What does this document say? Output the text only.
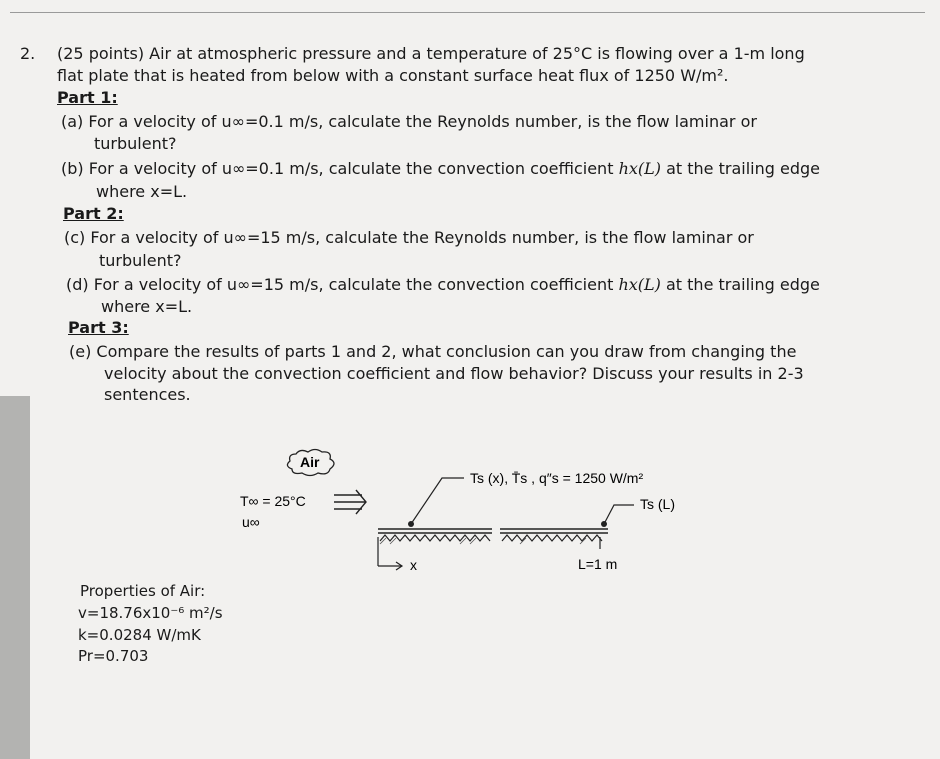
2. (25 points) Air at atmospheric pressure and a temperature of 25°C is flowing over a 1-m long
flat plate that is heated from below with a constant surface heat flux of 1250 W/m².
Part 1:
(a) For a velocity of u∞=0.1 m/s, calculate the Reynolds number, is the flow laminar or
turbulent?
(b) For a velocity of u∞=0.1 m/s, calculate the convection coefficient hx(L) at the trailing edge
where x=L.
Part 2:
(c) For a velocity of u∞=15 m/s, calculate the Reynolds number, is the flow laminar or
turbulent?
(d) For a velocity of u∞=15 m/s, calculate the convection coefficient hx(L) at the trailing edge
where x=L.
Part 3:
(e) Compare the results of parts 1 and 2, what conclusion can you draw from changing the
velocity about the convection coefficient and flow behavior? Discuss your results in 2-3
sentences.
Properties of Air:
v=18.76x10⁻⁶ m²/s
k=0.0284 W/mK
Pr=0.703
Air
T∞ = 25°C
u∞
Ts (x), T̄s , q″s = 1250 W/m²
Ts (L)
x	L=1 m
